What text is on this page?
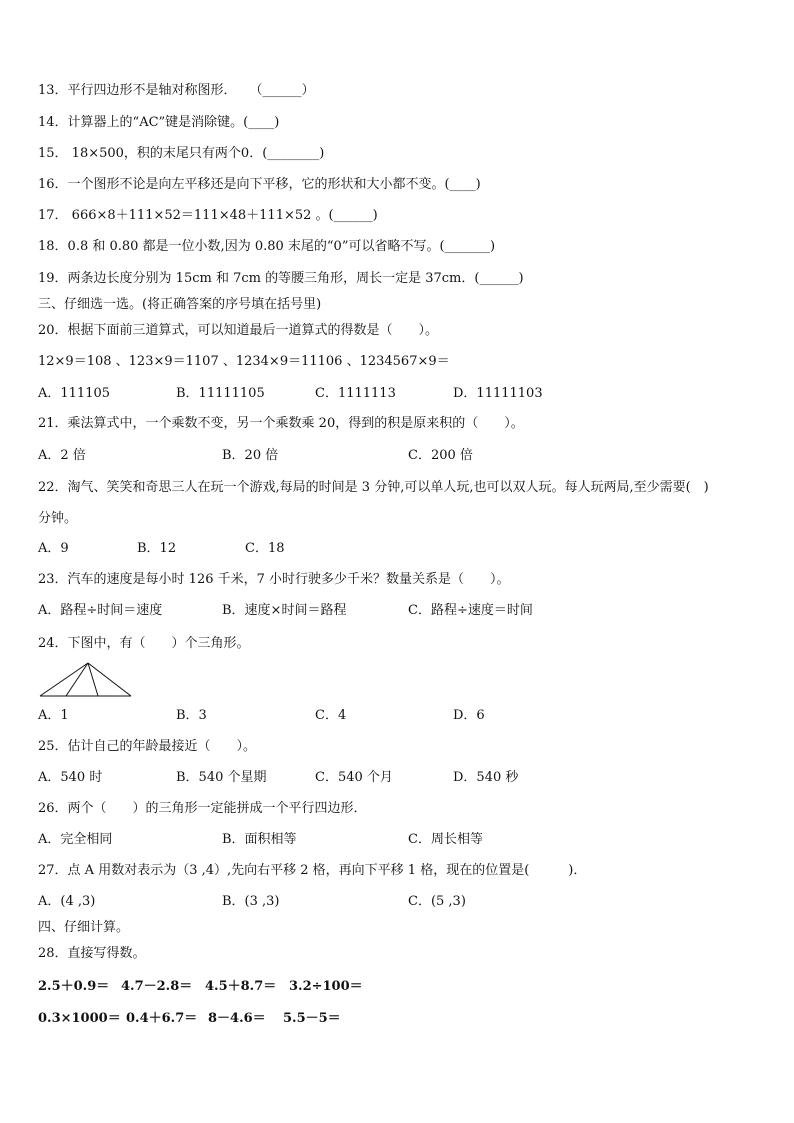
13．平行四边形不是轴对称图形．　　（______）
14．计算器上的“AC”键是消除键。(____)
15． 18×500，积的末尾只有两个0．(________)
16．一个图形不论是向左平移还是向下平移，它的形状和大小都不变。(____)
17． 666×8＋111×52＝111×48＋111×52 。(______)
18．0.8 和 0.80 都是一位小数,因为 0.80 末尾的“0”可以省略不写。(_______)
19．两条边长度分别为 15cm 和 7cm 的等腰三角形，周长一定是 37cm．(______)
三、仔细选一选。(将正确答案的序号填在括号里)
20．根据下面前三道算式，可以知道最后一道算式的得数是（　　）。
12×9＝108 、123×9＝1107 、1234×9＝11106 、1234567×9＝
A．111105	B．11111105	C．1111113	D．11111103
21．乘法算式中，一个乘数不变，另一个乘数乘 20，得到的积是原来积的（　　）。
A．2 倍	B．20 倍	C．200 倍
22．淘气、笑笑和奇思三人在玩一个游戏,每局的时间是 3 分钟,可以单人玩,也可以双人玩。每人玩两局,至少需要(　)
分钟。
A．9	B．12	C．18
23．汽车的速度是每小时 126 千米，7 小时行驶多少千米？数量关系是（　　）。
A．路程÷时间＝速度	B．速度×时间＝路程	C．路程÷速度＝时间
24．下图中，有（　　）个三角形。
A．1	B．3	C．4	D．6
25．估计自己的年龄最接近（　　）。
A．540 时	B．540 个星期	C．540 个月	D．540 秒
26．两个（　　）的三角形一定能拼成一个平行四边形．
A．完全相同	B．面积相等	C．周长相等
27．点 A 用数对表示为（3 ,4）,先向右平移 2 格，再向下平移 1 格，现在的位置是(　　　)．
A．(4 ,3)	B．(3 ,3)	C．(5 ,3)
四、仔细计算。
28．直接写得数。
2.5＋0.9＝ 4.7－2.8＝ 4.5＋8.7＝ 3.2÷100＝
0.3×1000＝ 0.4＋6.7＝ 8－4.6＝ 5.5－5＝
